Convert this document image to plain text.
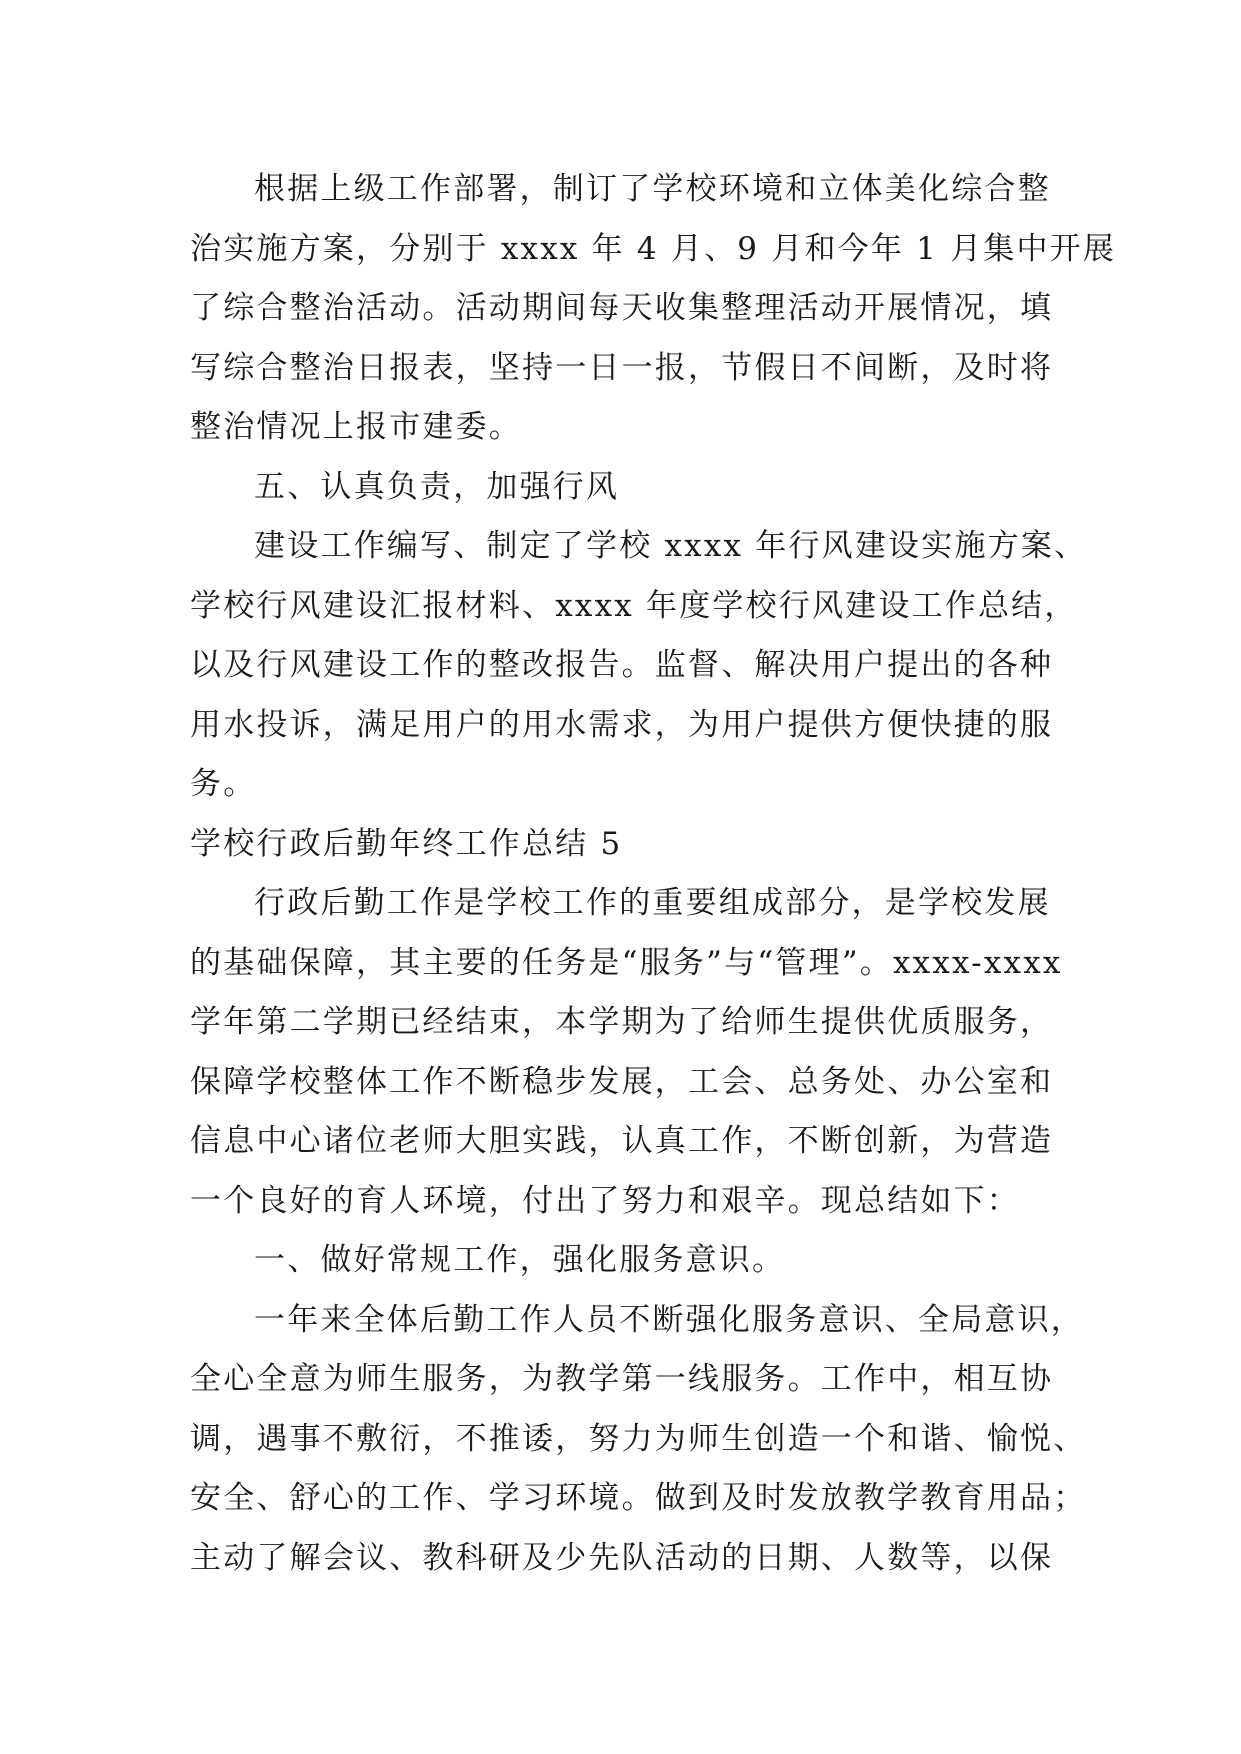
根据上级工作部署，制订了学校环境和立体美化综合整
治实施方案，分别于 xxxx 年 4 月、9 月和今年 1 月集中开展
了综合整治活动。活动期间每天收集整理活动开展情况，填
写综合整治日报表，坚持一日一报，节假日不间断，及时将
整治情况上报市建委。
五、认真负责，加强行风
建设工作编写、制定了学校 xxxx 年行风建设实施方案、
学校行风建设汇报材料、xxxx 年度学校行风建设工作总结，
以及行风建设工作的整改报告。监督、解决用户提出的各种
用水投诉，满足用户的用水需求，为用户提供方便快捷的服
务。
学校行政后勤年终工作总结 5
行政后勤工作是学校工作的重要组成部分，是学校发展
的基础保障，其主要的任务是“服务”与“管理”。xxxx-xxxx
学年第二学期已经结束，本学期为了给师生提供优质服务，
保障学校整体工作不断稳步发展，工会、总务处、办公室和
信息中心诸位老师大胆实践，认真工作，不断创新，为营造
一个良好的育人环境，付出了努力和艰辛。现总结如下：
一、做好常规工作，强化服务意识。
一年来全体后勤工作人员不断强化服务意识、全局意识，
全心全意为师生服务，为教学第一线服务。工作中，相互协
调，遇事不敷衍，不推诿，努力为师生创造一个和谐、愉悦、
安全、舒心的工作、学习环境。做到及时发放教学教育用品；
主动了解会议、教科研及少先队活动的日期、人数等，以保
